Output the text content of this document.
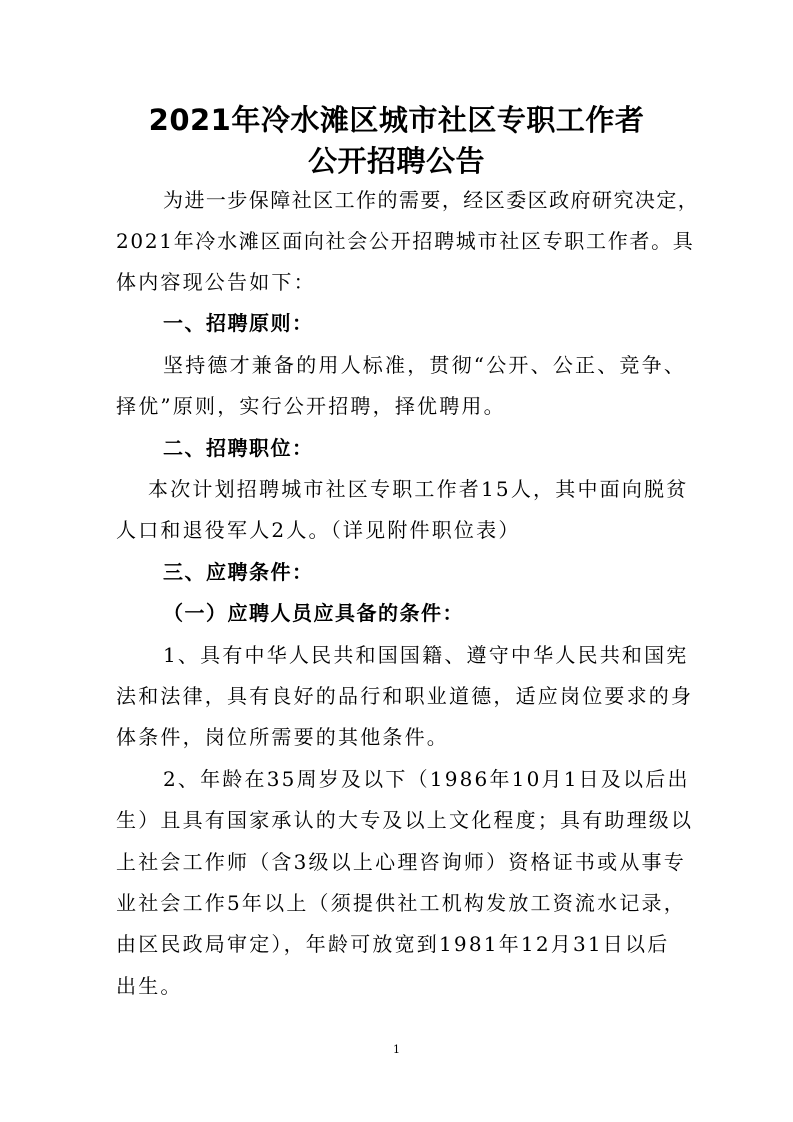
2021年冷水滩区城市社区专职工作者
公开招聘公告
为进一步保障社区工作的需要，经区委区政府研究决定，
2021年冷水滩区面向社会公开招聘城市社区专职工作者。具
体内容现公告如下：
一、招聘原则：
坚持德才兼备的用人标准，贯彻“公开、公正、竞争、
择优”原则，实行公开招聘，择优聘用。
二、招聘职位：
本次计划招聘城市社区专职工作者15人，其中面向脱贫
人口和退役军人2人。（详见附件职位表）
三、应聘条件：
（一）应聘人员应具备的条件：
1、具有中华人民共和国国籍、遵守中华人民共和国宪
法和法律，具有良好的品行和职业道德，适应岗位要求的身
体条件，岗位所需要的其他条件。
2、年龄在35周岁及以下（1986年10月1日及以后出
生）且具有国家承认的大专及以上文化程度；具有助理级以
上社会工作师（含3级以上心理咨询师）资格证书或从事专
业社会工作5年以上（须提供社工机构发放工资流水记录，
由区民政局审定），年龄可放宽到1981年12月31日以后
出生。
1
